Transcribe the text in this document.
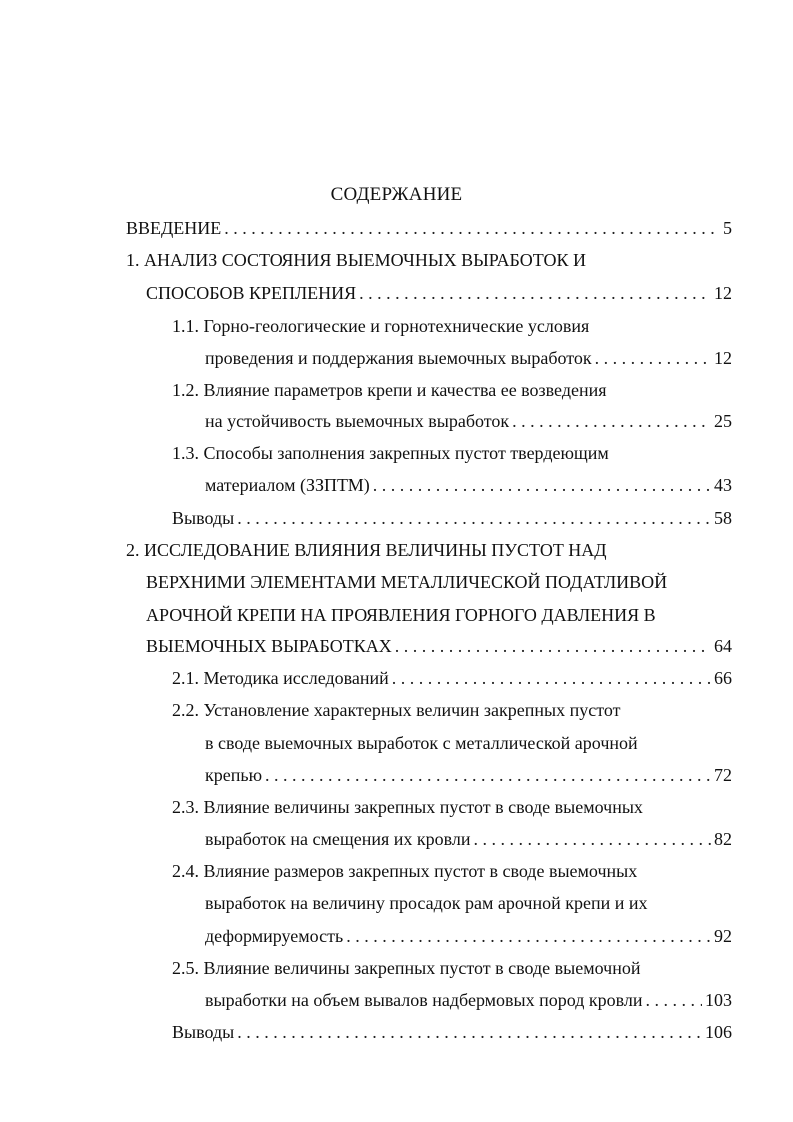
СОДЕРЖАНИЕ
ВВЕДЕНИЕ . . .	5
1. АНАЛИЗ СОСТОЯНИЯ ВЫЕМОЧНЫХ ВЫРАБОТОК И
СПОСОБОВ КРЕПЛЕНИЯ . . .	12
1.1. Горно-геологические и горнотехнические условия
проведения и поддержания выемочных выработок . . .	12
1.2. Влияние параметров крепи и качества ее возведения
на устойчивость выемочных выработок . . .	25
1.3. Способы заполнения закрепных пустот твердеющим
материалом (ЗЗПТМ) . . .	43
Выводы . . .	58
2. ИССЛЕДОВАНИЕ ВЛИЯНИЯ ВЕЛИЧИНЫ ПУСТОТ НАД
ВЕРХНИМИ ЭЛЕМЕНТАМИ МЕТАЛЛИЧЕСКОЙ ПОДАТЛИВОЙ
АРОЧНОЙ КРЕПИ НА ПРОЯВЛЕНИЯ ГОРНОГО ДАВЛЕНИЯ В
ВЫЕМОЧНЫХ ВЫРАБОТКАХ . . .	64
2.1. Методика исследований . . .	66
2.2. Установление характерных величин закрепных пустот
в своде выемочных выработок с металлической арочной
крепью . . .	72
2.3. Влияние величины закрепных пустот в своде выемочных
выработок на смещения их кровли . . .	82
2.4. Влияние размеров закрепных пустот в своде выемочных
выработок на величину просадок рам арочной крепи и их
деформируемость . . .	92
2.5. Влияние величины закрепных пустот в своде выемочной
выработки на объем вывалов надбермовых пород кровли . . .	103
Выводы . . .	106
